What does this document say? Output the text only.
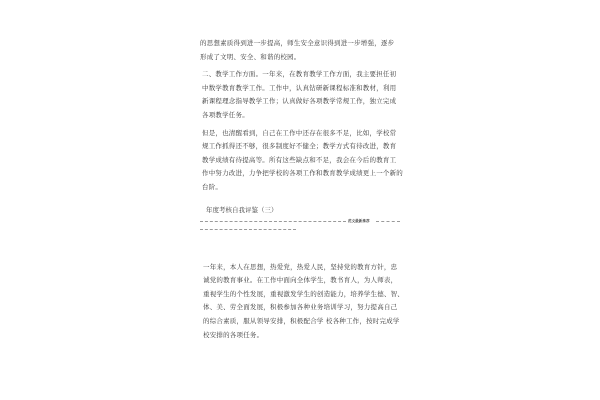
的思想素质得到进一步提高，师生安全意识得到进一步增强，逐步
形成了文明、安全、和谐的校园。

二、教学工作方面。一年来，在教育教学工作方面，我主要担任初
中数学教育教学工作。工作中，认真钻研新课程标准和教材，利用
新课程理念指导教学工作；认真做好各项教学常规工作，独立完成
各项教学任务。

但是，也清醒看到，自己在工作中还存在很多不足，比如，学校常
规工作抓得还不够，很多制度好不健全；教学方式有待改进，教育
教学成绩有待提高等。所有这些缺点和不足，我会在今后的教育工
作中努力改进，力争把学校的各项工作和教育教学成绩更上一个新的
台阶。

年度考核自我评鉴（三）
范文最新推荐

一年来，本人在思想，热爱党，热爱人民，坚持党的教育方针，忠
诚党的教育事业。在工作中面向全体学生，教书育人，为人师表，
重视学生的个性发展，重视激发学生的创造能力，培养学生德、智、
体、美、劳全面发展，积极参加各种业务培训学习，努力提高自己
的综合素质，服从领导安排，积极配合学 校各种工作，按时完成学
校安排的各项任务。
